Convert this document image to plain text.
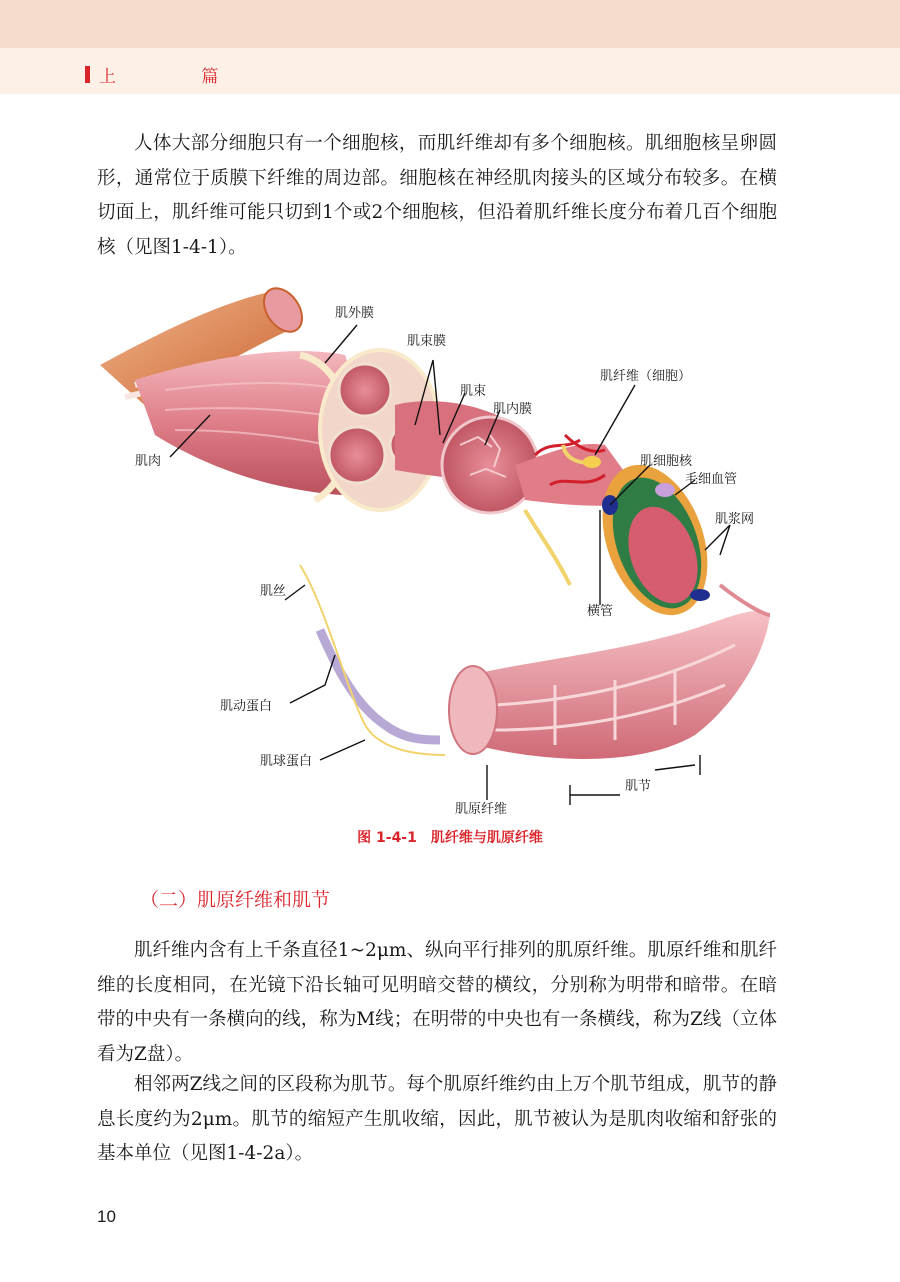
上 篇

人体大部分细胞只有一个细胞核，而肌纤维却有多个细胞核。肌细胞核呈卵圆形，通常位于质膜下纤维的周边部。细胞核在神经肌肉接头的区域分布较多。在横切面上，肌纤维可能只切到1个或2个细胞核，但沿着肌纤维长度分布着几百个细胞核（见图1-4-1）。

肌外膜
肌束膜
肌束
肌内膜
肌纤维（细胞）
肌细胞核
毛细血管
肌浆网
肌肉
横管
肌丝
肌动蛋白
肌球蛋白
肌原纤维
肌节
图 1-4-1　肌纤维与肌原纤维
（二）肌原纤维和肌节

肌纤维内含有上千条直径1~2μm、纵向平行排列的肌原纤维。肌原纤维和肌纤维的长度相同，在光镜下沿长轴可见明暗交替的横纹，分别称为明带和暗带。在暗带的中央有一条横向的线，称为M线；在明带的中央也有一条横线，称为Z线（立体看为Z盘）。

相邻两Z线之间的区段称为肌节。每个肌原纤维约由上万个肌节组成，肌节的静息长度约为2μm。肌节的缩短产生肌收缩，因此，肌节被认为是肌肉收缩和舒张的基本单位（见图1-4-2a）。

10
